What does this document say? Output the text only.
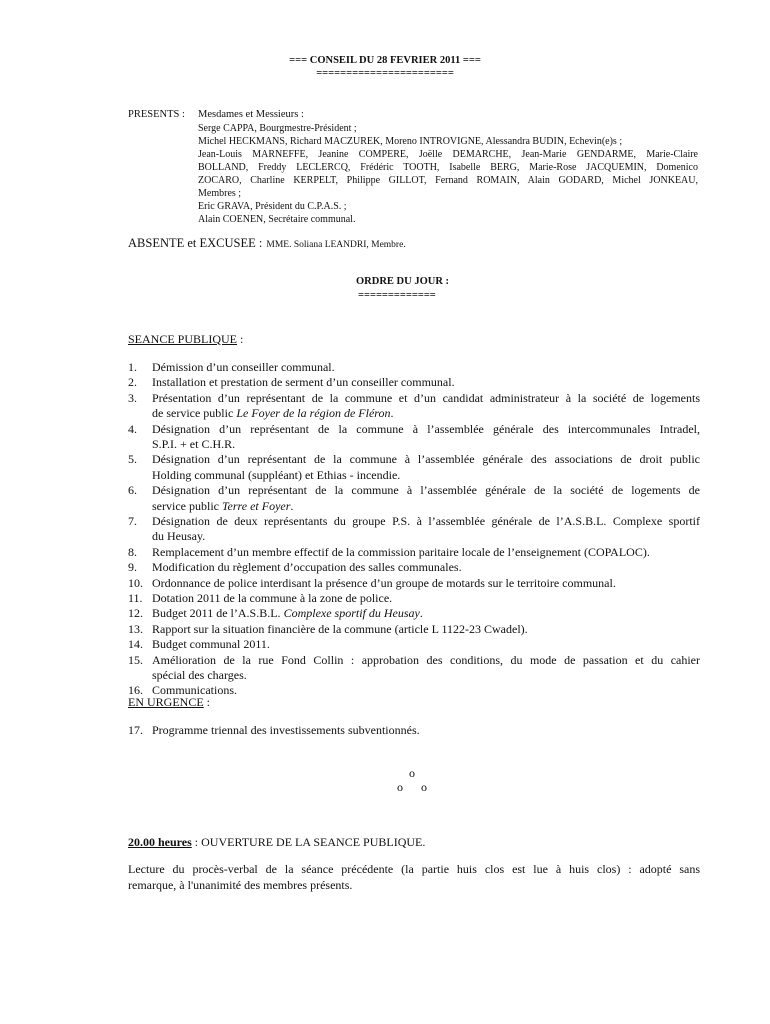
=== CONSEIL DU 28 FEVRIER 2011 ===
=======================
PRESENTS : Mesdames et Messieurs :
Serge CAPPA, Bourgmestre-Président ;
Michel HECKMANS, Richard MACZUREK, Moreno INTROVIGNE, Alessandra BUDIN, Echevin(e)s ;
Jean-Louis MARNEFFE, Jeanine COMPERE, Joëlle DEMARCHE, Jean-Marie GENDARME, Marie-Claire
BOLLAND, Freddy LECLERCQ, Frédéric TOOTH, Isabelle BERG, Marie-Rose JACQUEMIN, Domenico
ZOCARO, Charline KERPELT, Philippe GILLOT, Fernand ROMAIN, Alain GODARD, Michel JONKEAU,
Membres ;
Eric GRAVA, Président du C.P.A.S. ;
Alain COENEN, Secrétaire communal.
ABSENTE et EXCUSEE : MME. Soliana LEANDRI, Membre.
ORDRE DU JOUR :
=============
SEANCE PUBLIQUE :
1.	Démission d’un conseiller communal.
2.	Installation et prestation de serment d’un conseiller communal.
3.	Présentation d’un représentant de la commune et d’un candidat administrateur à la société de logements
de service public Le Foyer de la région de Fléron.
4.	Désignation d’un représentant de la commune à l’assemblée générale des intercommunales Intradel,
S.P.I. + et C.H.R.
5.	Désignation d’un représentant de la commune à l’assemblée générale des associations de droit public
Holding communal (suppléant) et Ethias - incendie.
6.	Désignation d’un représentant de la commune à l’assemblée générale de la société de logements de
service public Terre et Foyer.
7.	Désignation de deux représentants du groupe P.S. à l’assemblée générale de l’A.S.B.L. Complexe sportif
du Heusay.
8.	Remplacement d’un membre effectif de la commission paritaire locale de l’enseignement (COPALOC).
9.	Modification du règlement d’occupation des salles communales.
10. Ordonnance de police interdisant la présence d’un groupe de motards sur le territoire communal.
11. Dotation 2011 de la commune à la zone de police.
12. Budget 2011 de l’A.S.B.L. Complexe sportif du Heusay.
13. Rapport sur la situation financière de la commune (article L 1122-23 Cwadel).
14. Budget communal 2011.
15. Amélioration de la rue Fond Collin : approbation des conditions, du mode de passation et du cahier
spécial des charges.
16. Communications.
EN URGENCE :
17. Programme triennal des investissements subventionnés.
o
o o
20.00 heures : OUVERTURE DE LA SEANCE PUBLIQUE.
Lecture du procès-verbal de la séance précédente (la partie huis clos est lue à huis clos) : adopté sans
remarque, à l'unanimité des membres présents.
